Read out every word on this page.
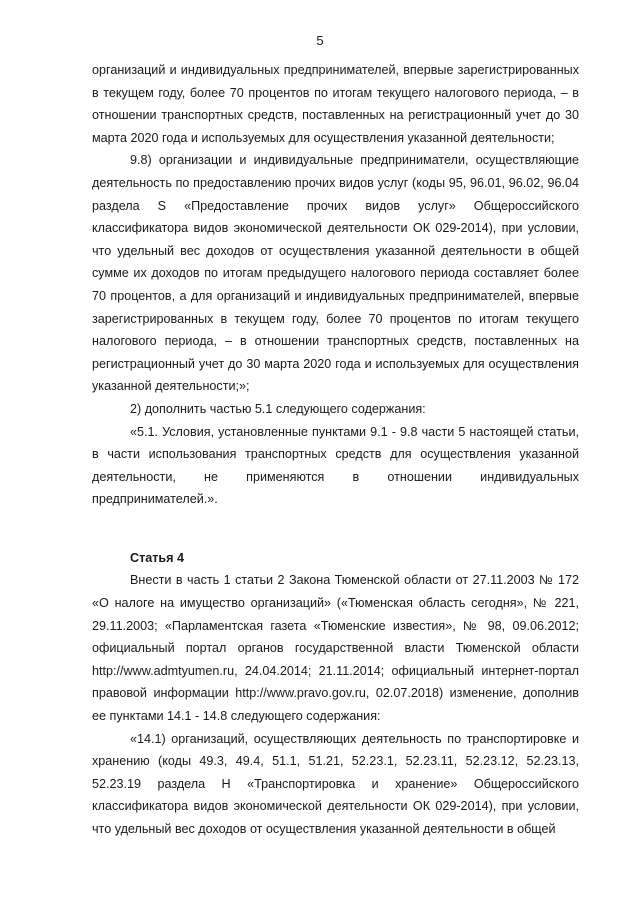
5

организаций и индивидуальных предпринимателей, впервые зарегистрированных в текущем году, более 70 процентов по итогам текущего налогового периода, – в отношении транспортных средств, поставленных на регистрационный учет до 30 марта 2020 года и используемых для осуществления указанной деятельности;

9.8) организации и индивидуальные предприниматели, осуществляющие деятельность по предоставлению прочих видов услуг (коды 95, 96.01, 96.02, 96.04 раздела S «Предоставление прочих видов услуг» Общероссийского классификатора видов экономической деятельности ОК 029-2014), при условии, что удельный вес доходов от осуществления указанной деятельности в общей сумме их доходов по итогам предыдущего налогового периода составляет более 70 процентов, а для организаций и индивидуальных предпринимателей, впервые зарегистрированных в текущем году, более 70 процентов по итогам текущего налогового периода, – в отношении транспортных средств, поставленных на регистрационный учет до 30 марта 2020 года и используемых для осуществления указанной деятельности;»;

2) дополнить частью 5.1 следующего содержания:

«5.1. Условия, установленные пунктами 9.1 - 9.8 части 5 настоящей статьи, в части использования транспортных средств для осуществления указанной деятельности, не применяются в отношении индивидуальных предпринимателей.».

Статья 4

Внести в часть 1 статьи 2 Закона Тюменской области от 27.11.2003 № 172 «О налоге на имущество организаций» («Тюменская область сегодня», № 221, 29.11.2003; «Парламентская газета «Тюменские известия», № 98, 09.06.2012; официальный портал органов государственной власти Тюменской области http://www.admtyumen.ru, 24.04.2014; 21.11.2014; официальный интернет-портал правовой информации http://www.pravo.gov.ru, 02.07.2018) изменение, дополнив ее пунктами 14.1 - 14.8 следующего содержания:

«14.1) организаций, осуществляющих деятельность по транспортировке и хранению (коды 49.3, 49.4, 51.1, 51.21, 52.23.1, 52.23.11, 52.23.12, 52.23.13, 52.23.19 раздела H «Транспортировка и хранение» Общероссийского классификатора видов экономической деятельности ОК 029-2014), при условии, что удельный вес доходов от осуществления указанной деятельности в общей
